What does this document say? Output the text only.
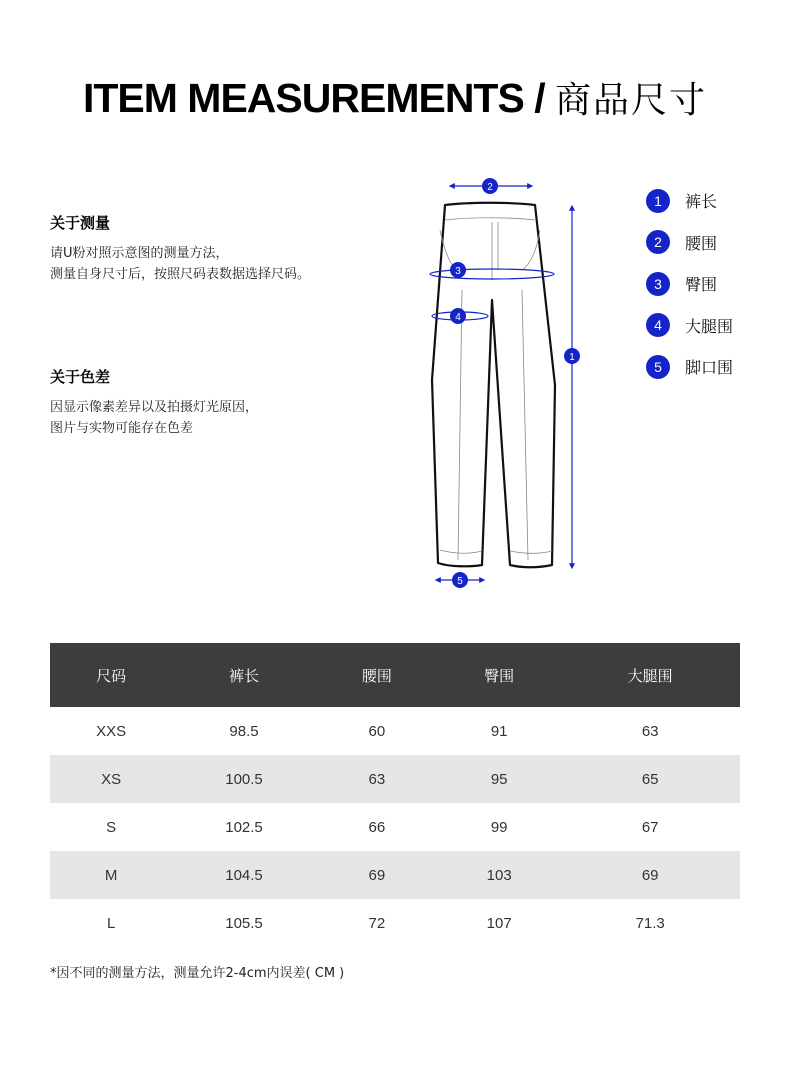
ITEM MEASUREMENTS / 商品尺寸
关于测量

请U粉对照示意图的测量方法，

测量自身尺寸后，按照尺码表数据选择尺码。

关于色差

因显示像素差异以及拍摄灯光原因，

图片与实物可能存在色差

2
3
4
1
5
1	裤长
2	腰围
3	臀围
4	大腿围
5	脚口围
尺码	裤长	腰围	臀围	大腿围
XXS	98.5	60	91	63
XS	100.5	63	95	65
S	102.5	66	99	67
M	104.5	69	103	69
L	105.5	72	107	71.3
*因不同的测量方法，测量允许2-4cm内误差( CM )
